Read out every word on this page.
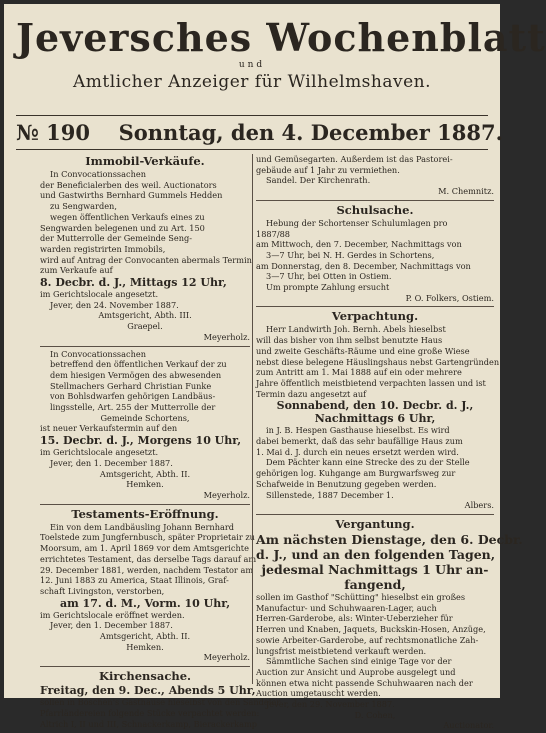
Jeversches Wochenblatt
und
Amtlicher Anzeiger für Wilhelmshaven.
№ 190 Sonntag, den 4. December 1887.
Immobil-Verkäufe.
In Convocationssachen
der Beneficialerben des weil. Auctionators
und Gastwirths Bernhard Gummels Hedden
zu Sengwarden,
wegen öffentlichen Verkaufs eines zu
Sengwarden belegenen und zu Art. 150
der Mutterrolle der Gemeinde Seng-
warden registrirten Immobils,
wird auf Antrag der Convocanten abermals Termin
zum Verkaufe auf
8. Decbr. d. J., Mittags 12 Uhr,
im Gerichtslocale angesetzt.
Jever, den 24. November 1887.
Amtsgericht, Abth. III.
Graepel.
Meyerholz.
In Convocationssachen
betreffend den öffentlichen Verkauf der zu
dem hiesigen Vermögen des abwesenden
Stellmachers Gerhard Christian Funke
von Bohlsdwarfen gehörigen Landbäus-
lingsstelle, Art. 255 der Mutterrolle der
Gemeinde Schortens,
ist neuer Verkaufstermin auf den
15. Decbr. d. J., Morgens 10 Uhr,
im Gerichtslocale angesetzt.
Jever, den 1. December 1887.
Amtsgericht, Abth. II.
Hemken.
Meyerholz.
Testaments-Eröffnung.
Ein von dem Landbäusling Johann Bernhard
Toelstede zum Jungfernbusch, später Proprietair zu
Moorsum, am 1. April 1869 vor dem Amtsgerichte
errichtetes Testament, das derselbe Tags darauf am
29. December 1881, werden, nachdem Testator am
12. Juni 1883 zu America, Staat Illinois, Graf-
schaft Livingston, verstorben,
am 17. d. M., Vorm. 10 Uhr,
im Gerichtslocale eröffnet werden.
Jever, den 1. December 1887.
Amtsgericht, Abth. II.
Hemken.
Meyerholz.
Kirchensache.
Freitag, den 9. Dec., Abends 5 Uhr,
sollen in Böschen's Gasthause hieselbst von den Sandeler
Pfarrländereien folgende Stücke verpachtet werden:
Altrich I, II und III, Schnackerkamp, Bierackerkamp
und Gemüsegarten. Außerdem ist das Pastorei-
gebäude auf 1 Jahr zu vermiethen.
Sandel. Der Kirchenrath.
M. Chemnitz.
Schulsache.
Hebung der Schortenser Schulumlagen pro
1887/88
am Mittwoch, den 7. December, Nachmittags von
3—7 Uhr, bei N. H. Gerdes in Schortens,
am Donnerstag, den 8. December, Nachmittags von
3—7 Uhr, bei Otten in Ostiem.
Um prompte Zahlung ersucht
P. O. Folkers, Ostiem.
Verpachtung.
Herr Landwirth Joh. Bernh. Abels hieselbst
will das bisher von ihm selbst benutzte Haus
und zweite Geschäfts-Räume und eine große Wiese
nebst diese belegene Häuslingshaus nebst Gartengründen
zum Antritt am 1. Mai 1888 auf ein oder mehrere
Jahre öffentlich meistbietend verpachten lassen und ist
Termin dazu angesetzt auf
Sonnabend, den 10. Decbr. d. J.,
Nachmittags 6 Uhr,
in J. B. Hespen Gasthause hieselbst. Es wird
dabei bemerkt, daß das sehr baufällige Haus zum
1. Mai d. J. durch ein neues ersetzt werden wird.
Dem Pächter kann eine Strecke des zu der Stelle
gehörigen log. Kuhgange am Burgwarfsweg zur
Schafweide in Benutzung gegeben werden.
Sillenstede, 1887 December 1.
Albers.
Vergantung.
Am nächsten Dienstage, den 6. Decbr.
d. J., und an den folgenden Tagen,
jedesmal Nachmittags 1 Uhr an-
fangend,
sollen im Gasthof "Schütting" hieselbst ein großes
Manufactur- und Schuhwaaren-Lager, auch
Herren-Garderobe, als: Winter-Ueberzieher für
Herren und Knaben, Jaquets, Buckskin-Hosen, Anzüge,
sowie Arbeiter-Garderobe, auf rechtsmonatliche Zah-
lungsfrist meistbietend verkauft werden.
Sämmtliche Sachen sind einige Tage vor der
Auction zur Ansicht und Auprobe ausgelegt und
können etwa nicht passende Schuhwaaren nach der
Auction umgetauscht werden.
Jever, den 29. November 1887.
D. Cohen,
Auctionator.
